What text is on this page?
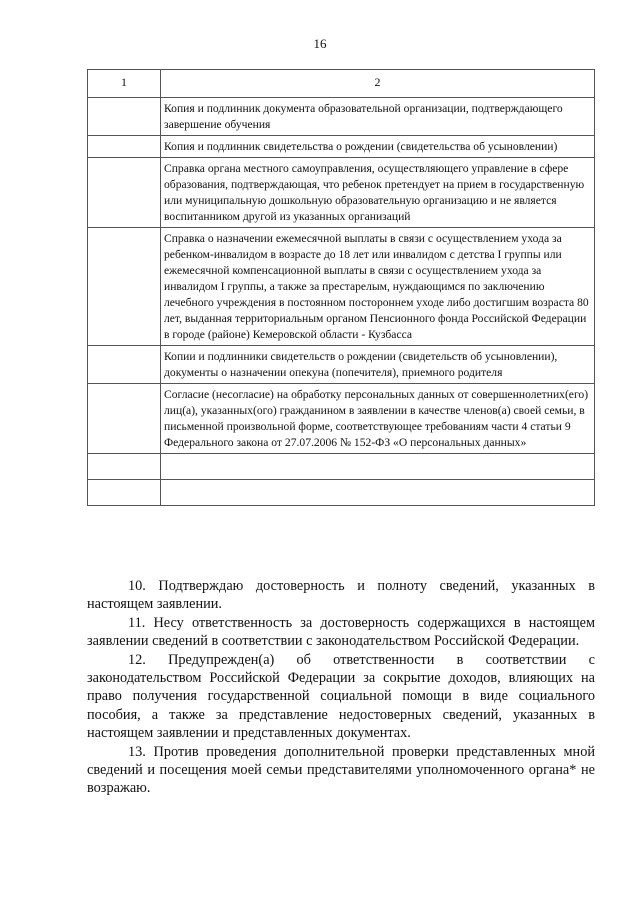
16
1	2
	Копия и подлинник документа образовательной организации, подтверждающего завершение обучения
	Копия и подлинник свидетельства о рождении (свидетельства об усыновлении)
	Справка органа местного самоуправления, осуществляющего управление в сфере образования, подтверждающая, что ребенок претендует на прием в государственную или муниципальную дошкольную образовательную организацию и не является воспитанником другой из указанных организаций
	Справка о назначении ежемесячной выплаты в связи с осуществлением ухода за ребенком-инвалидом в возрасте до 18 лет или инвалидом с детства I группы или ежемесячной компенсационной выплаты в связи с осуществлением ухода за инвалидом I группы, а также за престарелым, нуждающимся по заключению лечебного учреждения в постоянном постороннем уходе либо достигшим возраста 80 лет, выданная территориальным органом Пенсионного фонда Российской Федерации в городе (районе) Кемеровской области - Кузбасса
	Копии и подлинники свидетельств о рождении (свидетельств об усыновлении), документы о назначении опекуна (попечителя), приемного родителя
	Согласие (несогласие) на обработку персональных данных от совершеннолетних(его) лиц(а), указанных(ого) гражданином в заявлении в качестве членов(а) своей семьи, в письменной произвольной форме, соответствующее требованиям части 4 статьи 9 Федерального закона от 27.07.2006 № 152-ФЗ «О персональных данных»

10. Подтверждаю достоверность и полноту сведений, указанных в настоящем заявлении.

11. Несу ответственность за достоверность содержащихся в настоящем заявлении сведений в соответствии с законодательством Российской Федерации.

12. Предупрежден(а) об ответственности в соответствии с законодательством Российской Федерации за сокрытие доходов, влияющих на право получения государственной социальной помощи в виде социального пособия, а также за представление недостоверных сведений, указанных в настоящем заявлении и представленных документах.

13. Против проведения дополнительной проверки представленных мной сведений и посещения моей семьи представителями уполномоченного органа* не возражаю.
